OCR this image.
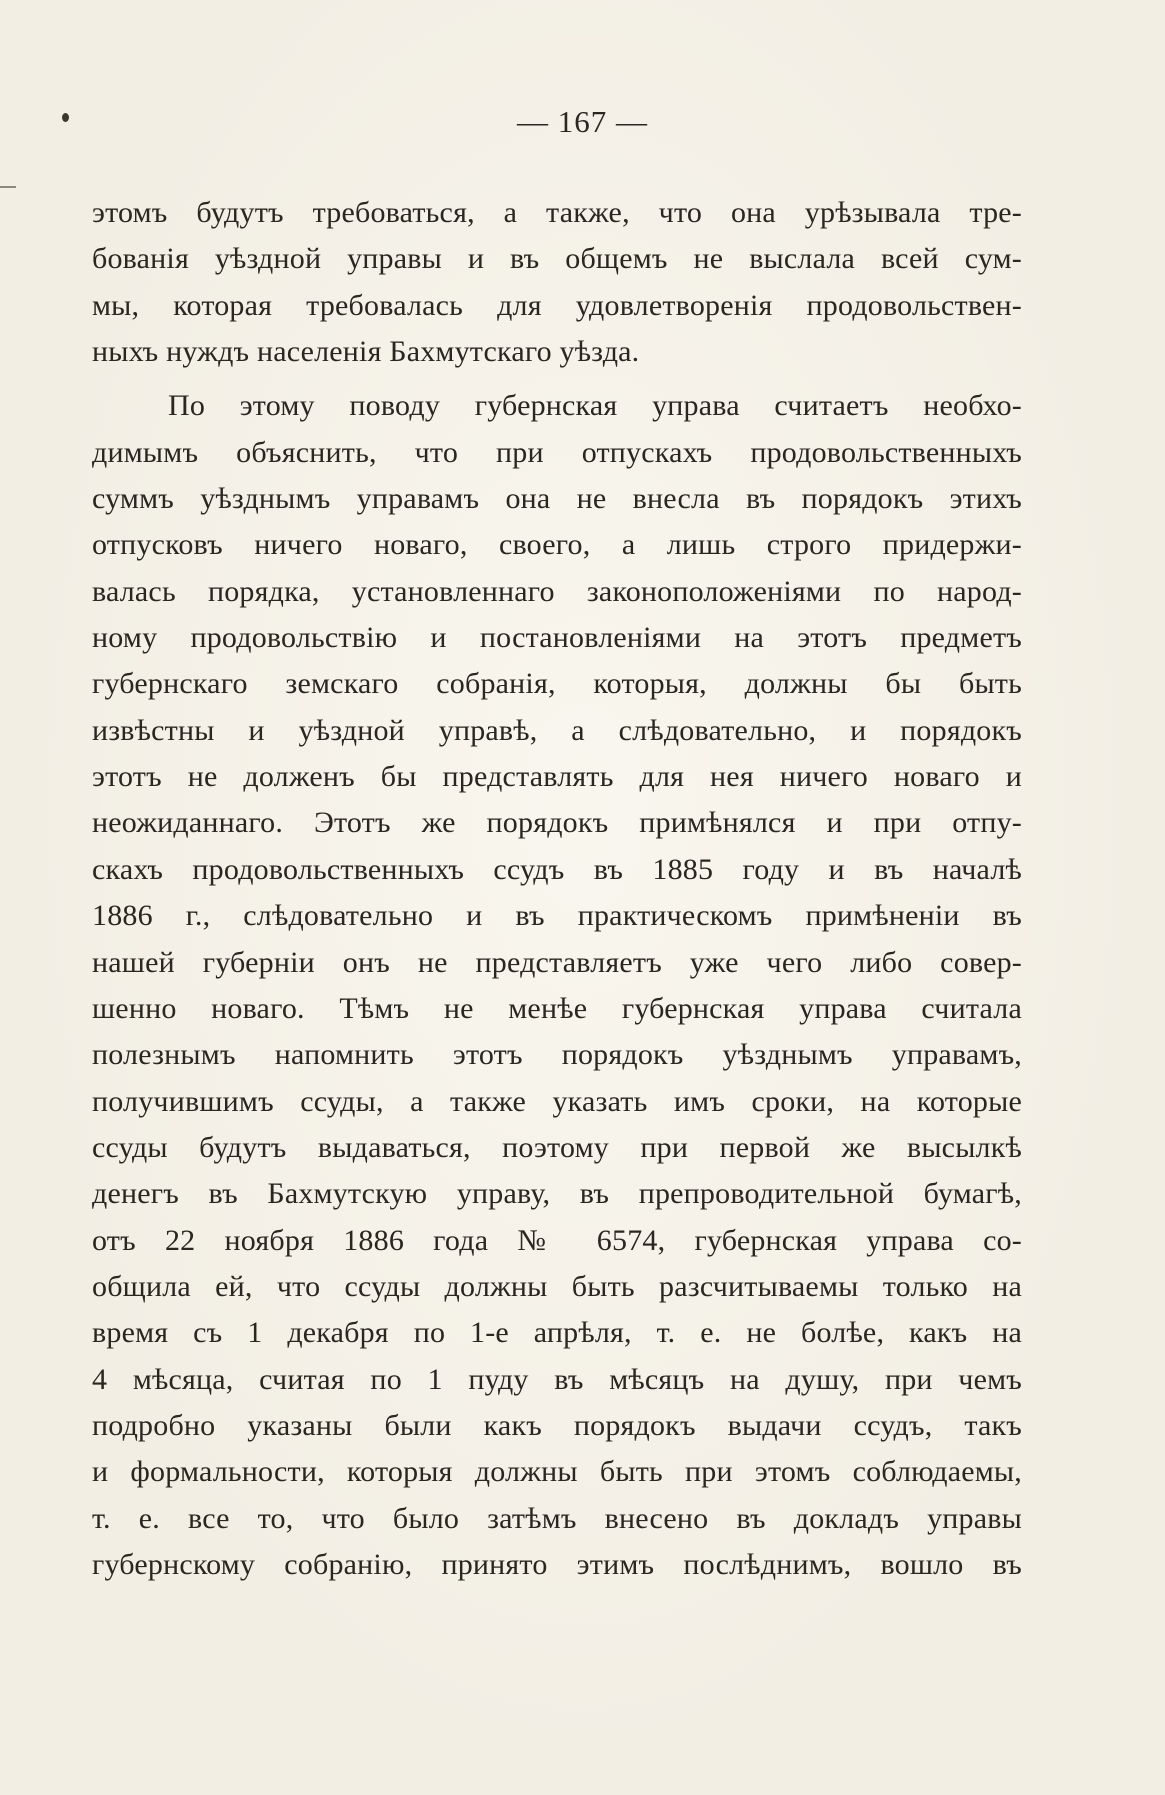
— 167 —
этомъ будутъ требоваться, а также, что она урѣзывала тре-
бованія уѣздной управы и въ общемъ не выслала всей сум-
мы, которая требовалась для удовлетворенія продовольствен-
ныхъ нуждъ населенія Бахмутскаго уѣзда.
По этому поводу губернская управа считаетъ необхо-
димымъ объяснить, что при отпускахъ продовольственныхъ
суммъ уѣзднымъ управамъ она не внесла въ порядокъ этихъ
отпусковъ ничего новаго, своего, а лишь строго придержи-
валась порядка, установленнаго законоположеніями по народ-
ному продовольствію и постановленіями на этотъ предметъ
губернскаго земскаго собранія, которыя, должны бы быть
извѣстны и уѣздной управѣ, а слѣдовательно, и порядокъ
этотъ не долженъ бы представлять для нея ничего новаго и
неожиданнаго. Этотъ же порядокъ примѣнялся и при отпу-
скахъ продовольственныхъ ссудъ въ 1885 году и въ началѣ
1886 г., слѣдовательно и въ практическомъ примѣненіи въ
нашей губерніи онъ не представляетъ уже чего либо совер-
шенно новаго. Тѣмъ не менѣе губернская управа считала
полезнымъ напомнить этотъ порядокъ уѣзднымъ управамъ,
получившимъ ссуды, а также указать имъ сроки, на которые
ссуды будутъ выдаваться, поэтому при первой же высылкѣ
денегъ въ Бахмутскую управу, въ препроводительной бумагѣ,
отъ 22 ноября 1886 года № 6574, губернская управа со-
общила ей, что ссуды должны быть разсчитываемы только на
время съ 1 декабря по 1-е апрѣля, т. е. не болѣе, какъ на
4 мѣсяца, считая по 1 пуду въ мѣсяцъ на душу, при чемъ
подробно указаны были какъ порядокъ выдачи ссудъ, такъ
и формальности, которыя должны быть при этомъ соблюдаемы,
т. е. все то, что было затѣмъ внесено въ докладъ управы
губернскому собранію, принято этимъ послѣднимъ, вошло въ
